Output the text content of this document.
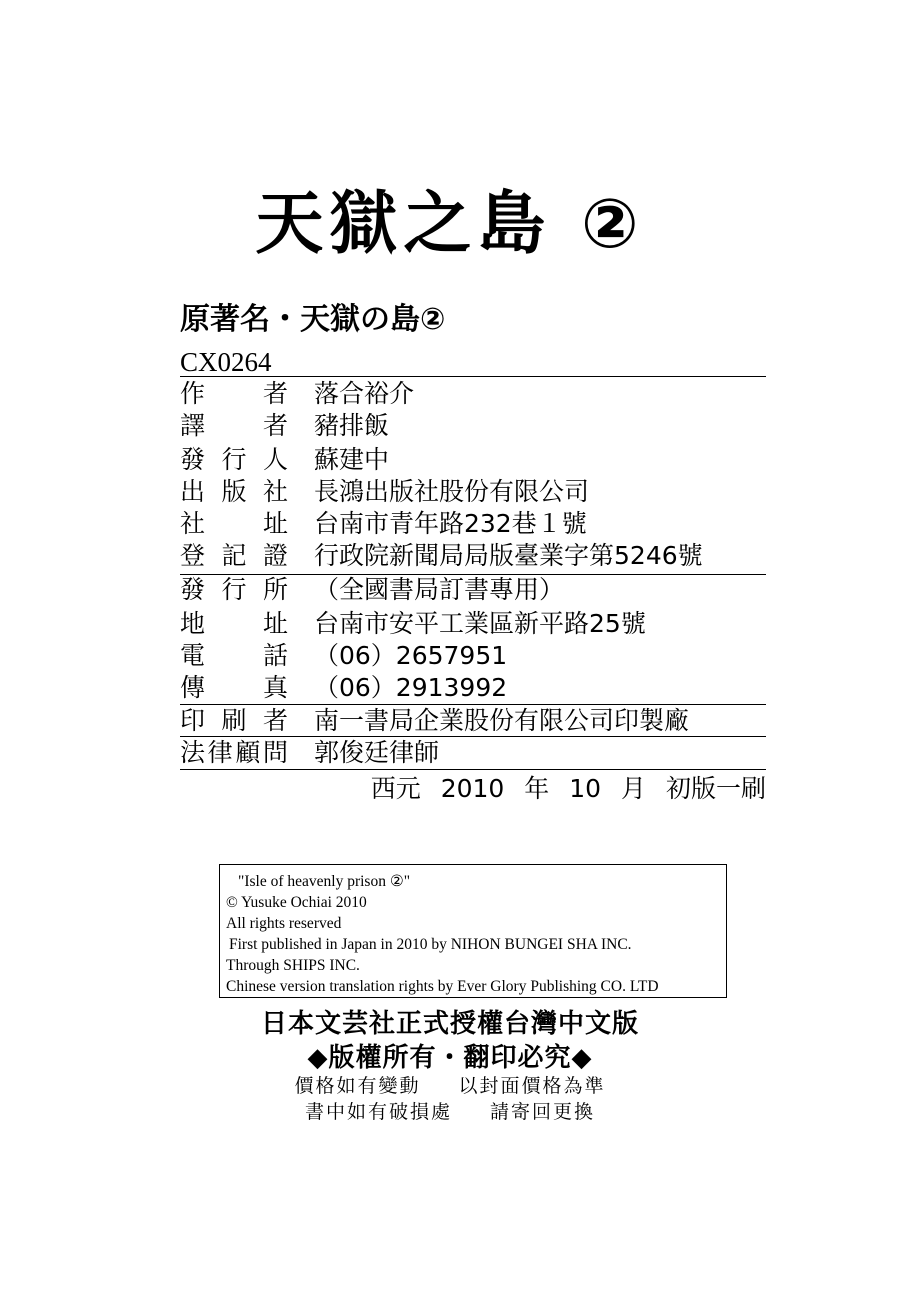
天獄之島 ②
原著名・天獄の島②
CX0264
作 者 落合裕介
譯 者 豬排飯
發 行 人 蘇建中
出 版 社 長鴻出版社股份有限公司
社 址 台南市青年路232巷１號
登 記 證 行政院新聞局局版臺業字第5246號
發 行 所 （全國書局訂書專用）
地 址 台南市安平工業區新平路25號
電 話 （06）2657951
傳 真 （06）2913992
印 刷 者 南一書局企業股份有限公司印製廠
法 律 顧 問 郭俊廷律師
西元 2010 年 10 月 初版一刷
"Isle of heavenly prison ②"
© Yusuke Ochiai 2010
All rights reserved
First published in Japan in 2010 by NIHON BUNGEI SHA INC.
Through SHIPS INC.
Chinese version translation rights by Ever Glory Publishing CO. LTD
日本文芸社正式授權台灣中文版
◆版權所有・翻印必究◆
價格如有變動 以封面價格為準
書中如有破損處 請寄回更換
